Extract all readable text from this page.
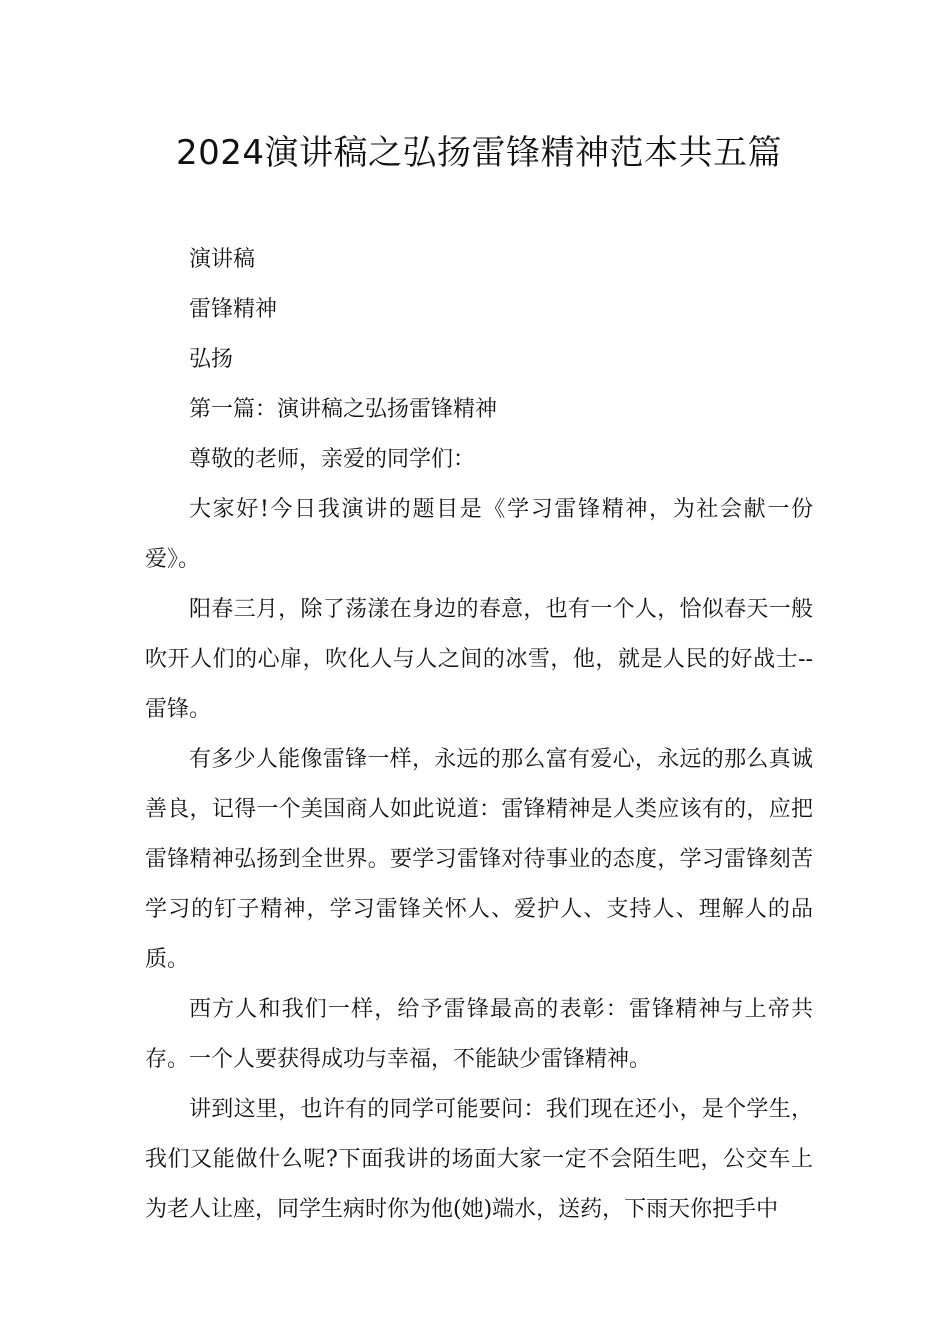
2024演讲稿之弘扬雷锋精神范本共五篇

演讲稿

雷锋精神

弘扬

第一篇：演讲稿之弘扬雷锋精神

尊敬的老师，亲爱的同学们：

大家好!今日我演讲的题目是《学习雷锋精神，为社会献一份爱》。

阳春三月，除了荡漾在身边的春意，也有一个人，恰似春天一般吹开人们的心扉，吹化人与人之间的冰雪，他，就是人民的好战士--雷锋。

有多少人能像雷锋一样，永远的那么富有爱心，永远的那么真诚善良，记得一个美国商人如此说道：雷锋精神是人类应该有的，应把雷锋精神弘扬到全世界。要学习雷锋对待事业的态度，学习雷锋刻苦学习的钉子精神，学习雷锋关怀人、爱护人、支持人、理解人的品质。

西方人和我们一样，给予雷锋最高的表彰：雷锋精神与上帝共存。一个人要获得成功与幸福，不能缺少雷锋精神。

讲到这里，也许有的同学可能要问：我们现在还小，是个学生，我们又能做什么呢?下面我讲的场面大家一定不会陌生吧，公交车上为老人让座，同学生病时你为他(她)端水，送药，下雨天你把手中
